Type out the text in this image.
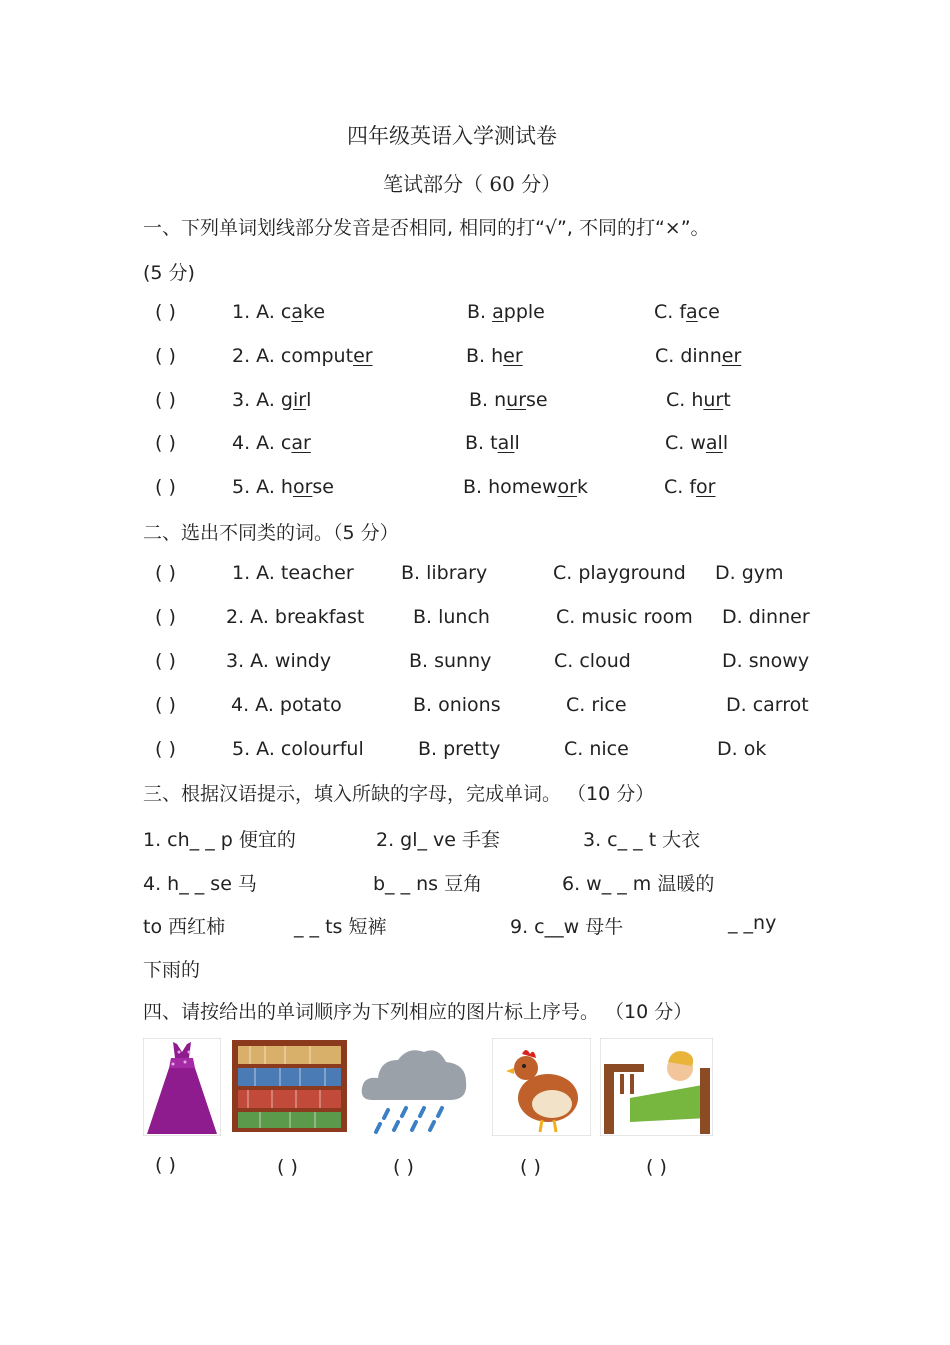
四年级英语入学测试卷
笔试部分（ 60 分）
一、下列单词划线部分发音是否相同, 相同的打“√”, 不同的打“×”。
(5 分)
( )	1. A. cake	B. apple	C. face
( )	2. A. computer	B. her	C. dinner
( )	3. A. girl	B. nurse	C. hurt
( )	4. A. car	B. tall	C. wall
( )	5. A. horse	B. homework	C. for
二、选出不同类的词。（5 分）
( )	1. A. teacher B. library	C. playground D. gym
( )	2. A. breakfast	B. lunch	C. music room D. dinner
( )	3. A. windy	B. sunny	C. cloud	D. snowy
( )	4. A. potato	B. onions	C. rice	D. carrot
( )	5. A. colourful	B. pretty	C. nice	D. ok
三、根据汉语提示，填入所缺的字母，完成单词。 （10 分）
1. ch_ _ p 便宜的	2. gl_ ve 手套	3. c_ _ t 大衣
4. h_ _ se 马	b_ _ ns 豆角	6. w_ _ m 温暖的
to 西红柿	_ _ ts 短裤	9. c__w 母牛	_ _ny
下雨的
四、请按给出的单词顺序为下列相应的图片标上序号。 （10 分）
( )	( )	( )	( )	( )
